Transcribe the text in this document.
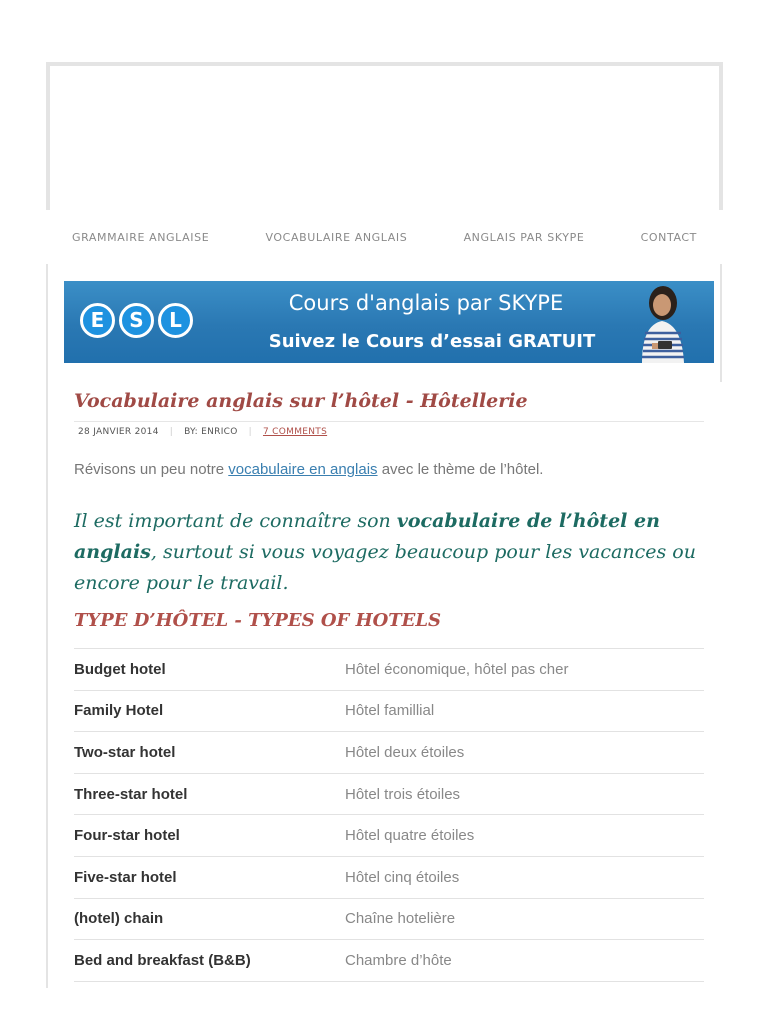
GRAMMAIRE ANGLAISE	VOCABULAIRE ANGLAIS	ANGLAIS PAR SKYPE	CONTACT
E	S	L
Cours d'anglais par SKYPE
Suivez le Cours d’essai GRATUIT
Vocabulaire anglais sur l’hôtel - Hôtellerie
28 JANVIER 2014 | BY: ENRICO | 7 COMMENTS

Révisons un peu notre vocabulaire en anglais avec le thème de l’hôtel.

Il est important de connaître son vocabulaire de l’hôtel en anglais, surtout si vous voyagez beaucoup pour les vacances ou encore pour le travail.

TYPE D’HÔTEL - TYPES OF HOTELS
Budget hotel	Hôtel économique, hôtel pas cher
Family Hotel	Hôtel famillial
Two-star hotel	Hôtel deux étoiles
Three-star hotel	Hôtel trois étoiles
Four-star hotel	Hôtel quatre étoiles
Five-star hotel	Hôtel cinq étoiles
(hotel) chain	Chaîne hotelière
Bed and breakfast (B&B)	Chambre d’hôte
